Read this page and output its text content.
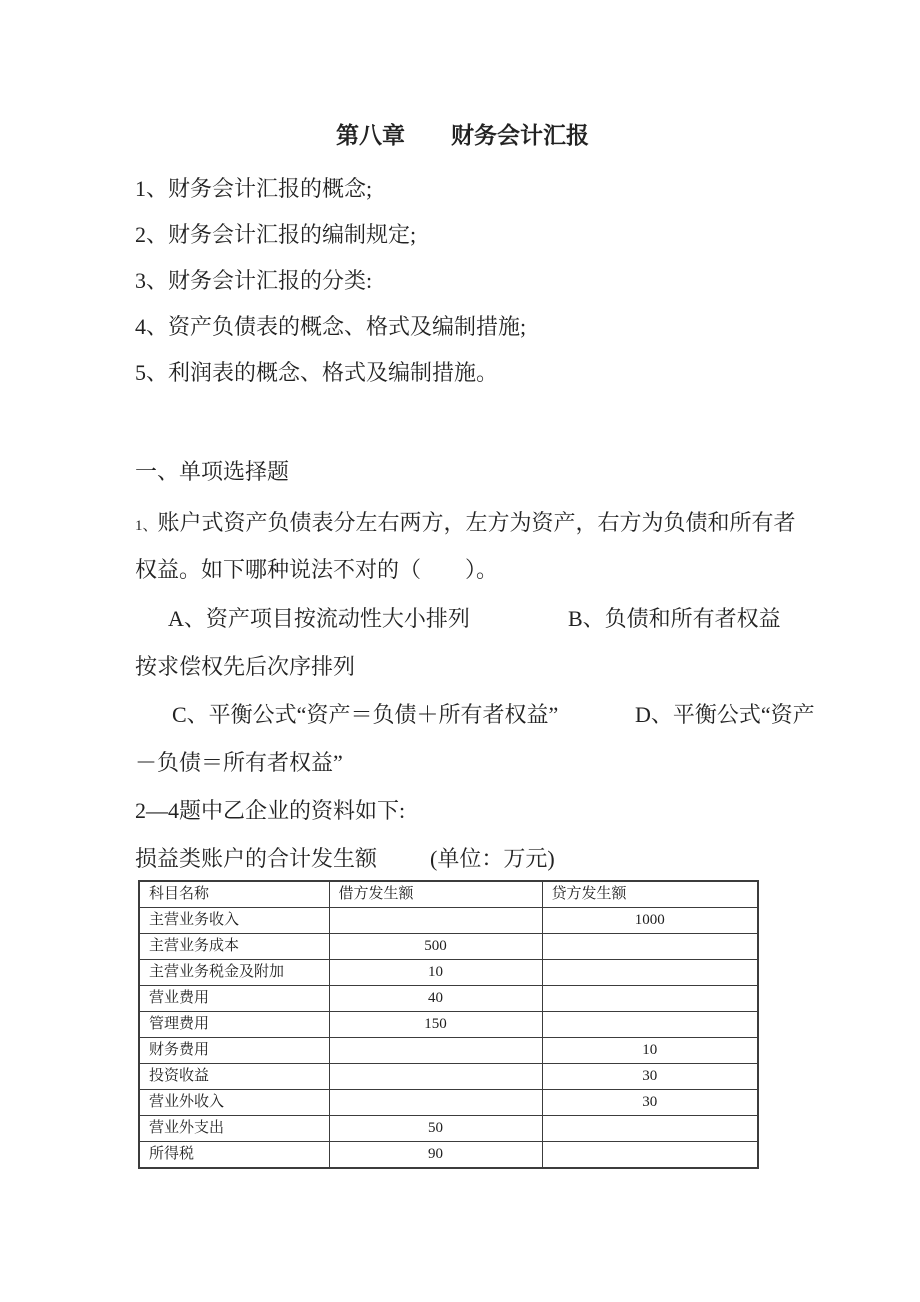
第八章　　财务会计汇报
1、财务会计汇报的概念;
2、财务会计汇报的编制规定;
3、财务会计汇报的分类:
4、资产负债表的概念、格式及编制措施;
5、利润表的概念、格式及编制措施。
一、单项选择题
1、账户式资产负债表分左右两方，左方为资产，右方为负债和所有者
权益。如下哪种说法不对的（　　）。

A、资产项目按流动性大小排列

	B、负债和所有者权益

按求偿权先后次序排列

C、平衡公式“资产＝负债＋所有者权益”

	D、平衡公式“资产

－负债＝所有者权益”
2—4题中乙企业的资料如下:

损益类账户的合计发生额

(单位：万元)

科目名称	借方发生额	贷方发生额
主营业务收入		1000
主营业务成本	500	
主营业务税金及附加	10	
营业费用	40	
管理费用	150	
财务费用		10
投资收益		30
营业外收入		30
营业外支出	50	
所得税	90	
